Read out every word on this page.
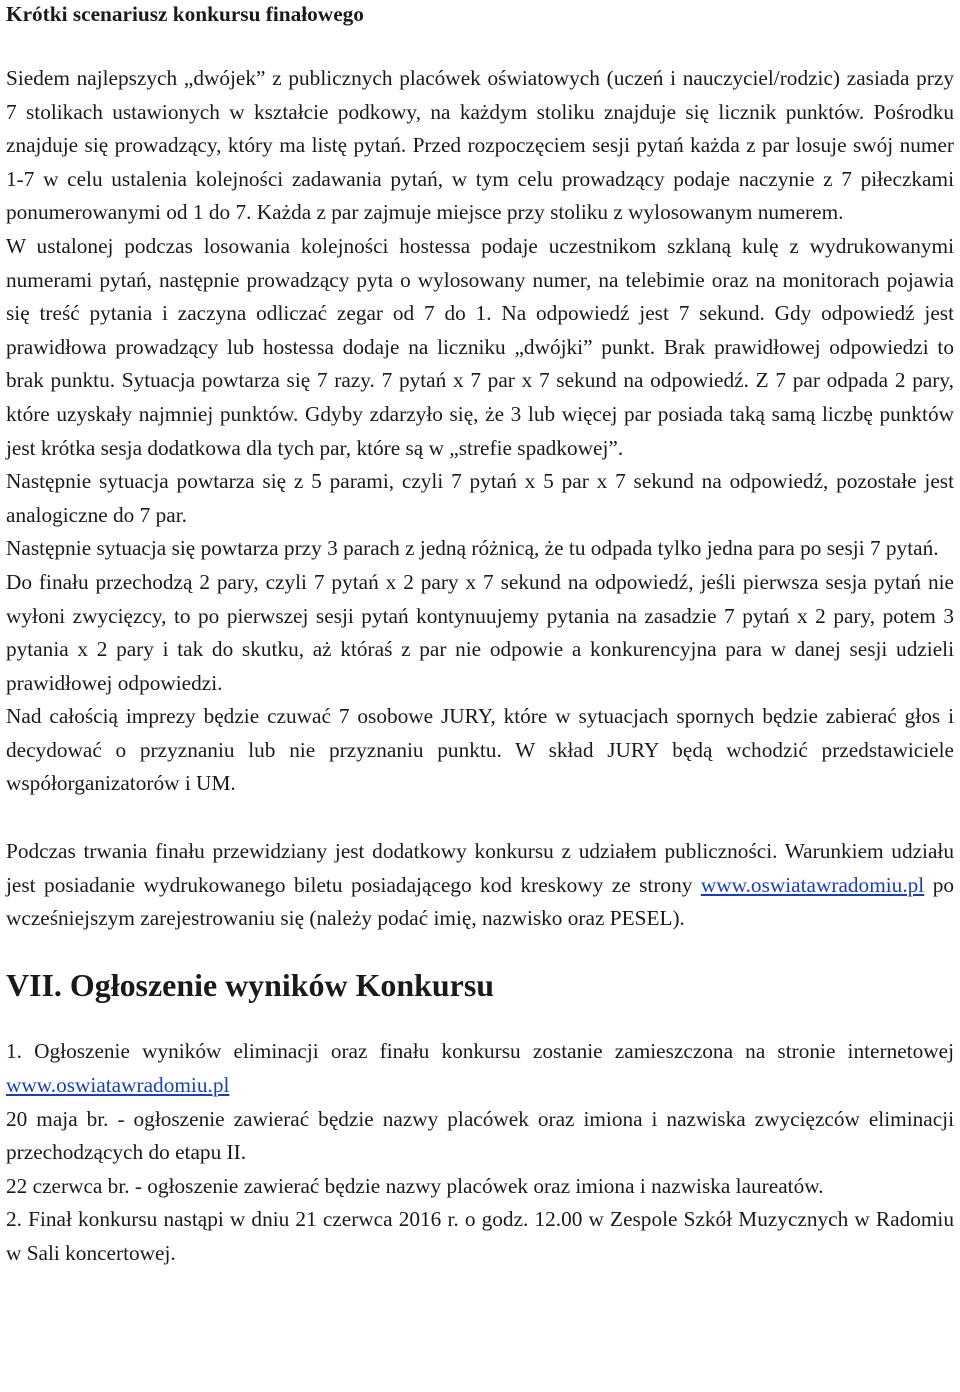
Krótki scenariusz konkursu finałowego

Siedem najlepszych „dwójek” z publicznych placówek oświatowych (uczeń i nauczyciel/rodzic) zasiada przy 7 stolikach ustawionych w kształcie podkowy, na każdym stoliku znajduje się licznik punktów. Pośrodku znajduje się prowadzący, który ma listę pytań. Przed rozpoczęciem sesji pytań każda z par losuje swój numer 1-7 w celu ustalenia kolejności zadawania pytań, w tym celu prowadzący podaje naczynie z 7 piłeczkami ponumerowanymi od 1 do 7. Każda z par zajmuje miejsce przy stoliku z wylosowanym numerem.

W ustalonej podczas losowania kolejności hostessa podaje uczestnikom szklaną kulę z wydrukowanymi numerami pytań, następnie prowadzący pyta o wylosowany numer, na telebimie oraz na monitorach pojawia się treść pytania i zaczyna odliczać zegar od 7 do 1. Na odpowiedź jest 7 sekund. Gdy odpowiedź jest prawidłowa prowadzący lub hostessa dodaje na liczniku „dwójki” punkt. Brak prawidłowej odpowiedzi to brak punktu. Sytuacja powtarza się 7 razy. 7 pytań x 7 par x 7 sekund na odpowiedź. Z 7 par odpada 2 pary, które uzyskały najmniej punktów. Gdyby zdarzyło się, że 3 lub więcej par posiada taką samą liczbę punktów jest krótka sesja dodatkowa dla tych par, które są w „strefie spadkowej”.

Następnie sytuacja powtarza się z 5 parami, czyli 7 pytań x 5 par x 7 sekund na odpowiedź, pozostałe jest analogiczne do 7 par.

Następnie sytuacja się powtarza przy 3 parach z jedną różnicą, że tu odpada tylko jedna para po sesji 7 pytań.

Do finału przechodzą 2 pary, czyli 7 pytań x 2 pary x 7 sekund na odpowiedź, jeśli pierwsza sesja pytań nie wyłoni zwycięzcy, to po pierwszej sesji pytań kontynuujemy pytania na zasadzie 7 pytań x 2 pary, potem 3 pytania x 2 pary i tak do skutku, aż któraś z par nie odpowie a konkurencyjna para w danej sesji udzieli prawidłowej odpowiedzi.

Nad całością imprezy będzie czuwać 7 osobowe JURY, które w sytuacjach spornych będzie zabierać głos i decydować o przyznaniu lub nie przyznaniu punktu. W skład JURY będą wchodzić przedstawiciele współorganizatorów i UM.

Podczas trwania finału przewidziany jest dodatkowy konkursu z udziałem publiczności. Warunkiem udziału jest posiadanie wydrukowanego biletu posiadającego kod kreskowy ze strony www.oswiatawradomiu.pl po wcześniejszym zarejestrowaniu się (należy podać imię, nazwisko oraz PESEL).

VII. Ogłoszenie wyników Konkursu

1. Ogłoszenie wyników eliminacji oraz finału konkursu zostanie zamieszczona na stronie internetowej www.oswiatawradomiu.pl

20 maja br. - ogłoszenie zawierać będzie nazwy placówek oraz imiona i nazwiska zwycięzców eliminacji przechodzących do etapu II.

22 czerwca br. - ogłoszenie zawierać będzie nazwy placówek oraz imiona i nazwiska laureatów.

2. Finał konkursu nastąpi w dniu 21 czerwca 2016 r. o godz. 12.00 w Zespole Szkół Muzycznych w Radomiu w Sali koncertowej.
